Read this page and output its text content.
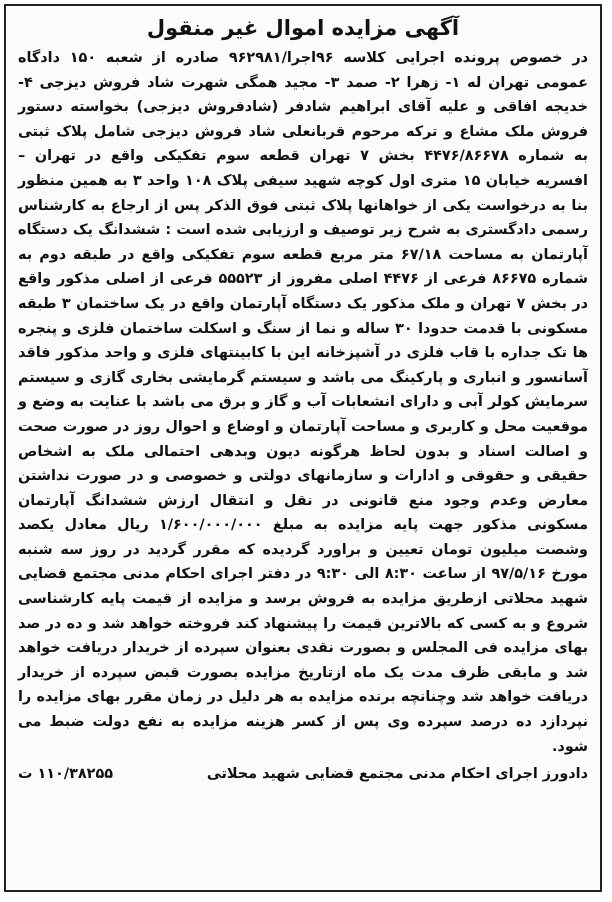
آگهی مزایده اموال غیر منقول

در خصوص پرونده اجرایی کلاسه ۹۶اجرا/۹۶۲۹۸۱ صادره از شعبه ۱۵۰ دادگاه عمومی تهران له ۱- زهرا ۲- صمد ۳- مجید همگی شهرت شاد فروش دیزجی ۴- خدیجه افاقی و علیه آقای ابراهیم شادفر (شادفروش دیزجی) بخواسته دستور فروش ملک مشاع و ترکه مرحوم قربانعلی شاد فروش دیزجی شامل پلاک ثبتی به شماره ۴۴۷۶/۸۶۶۷۸ بخش ۷ تهران قطعه سوم تفکیکی واقع در تهران – افسریه خیابان ۱۵ متری اول کوچه شهید سیفی پلاک ۱۰۸ واحد ۳ به همین منظور بنا به درخواست یکی از خواهانها پلاک ثبتی فوق الذکر پس از ارجاع به کارشناس رسمی دادگستری به شرح زیر توصیف و ارزیابی شده است : ششدانگ یک دستگاه آپارتمان به مساحت ۶۷/۱۸ متر مربع قطعه سوم تفکیکی واقع در طبقه دوم به شماره ۸۶۶۷۵ فرعی از ۴۴۷۶ اصلی مفروز از ۵۵۵۲۳ فرعی از اصلی مذکور واقع در بخش ۷ تهران و ملک مذکور یک دستگاه آپارتمان واقع در یک ساختمان ۳ طبقه مسکونی با قدمت حدودا ۳۰ ساله و نما از سنگ و اسکلت ساختمان فلزی و پنجره ها تک جداره با قاب فلزی در آشپزخانه این با کابینتهای فلزی و واحد مذکور فاقد آسانسور و انباری و پارکینگ می باشد و سیستم گرمایشی بخاری گازی و سیستم سرمایش کولر آبی و دارای انشعابات آب و گاز و برق می باشد با عنایت به وضع و موقعیت محل و کاربری و مساحت آپارتمان و اوضاع و احوال روز در صورت صحت و اصالت اسناد و بدون لحاظ هرگونه دیون وبدهی احتمالی ملک به اشخاص حقیقی و حقوقی و ادارات و سازمانهای دولتی و خصوصی و در صورت نداشتن معارض وعدم وجود منع قانونی در نقل و انتقال ارزش ششدانگ آپارتمان مسکونی مذکور جهت پایه مزایده به مبلغ ۱/۶۰۰/۰۰۰/۰۰۰ ریال معادل یکصد وشصت میلیون تومان تعیین و براورد گردیده که مقرر گردید در روز سه شنبه مورخ ۹۷/۵/۱۶ از ساعت ۸:۳۰ الی ۹:۳۰ در دفتر اجرای احکام مدنی مجتمع قضایی شهید محلاتی ازطریق مزایده به فروش برسد و مزایده از قیمت پایه کارشناسی شروع و به کسی که بالاترین قیمت را پیشنهاد کند فروخته خواهد شد و ده در صد بهای مزایده فی المجلس و بصورت نقدی بعنوان سپرده از خریدار دریافت خواهد شد و مابقی ظرف مدت یک ماه ازتاریخ مزایده بصورت قبض سپرده از خریدار دریافت خواهد شد وچنانچه برنده مزایده به هر دلیل در زمان مقرر بهای مزایده را نپردازد ده درصد سپرده وی پس از کسر هزینه مزایده به نفع دولت ضبط می شود.

دادورز اجرای احکام مدنی مجتمع قضایی شهید محلاتی
۱۱۰/۳۸۲۵۵ ت
